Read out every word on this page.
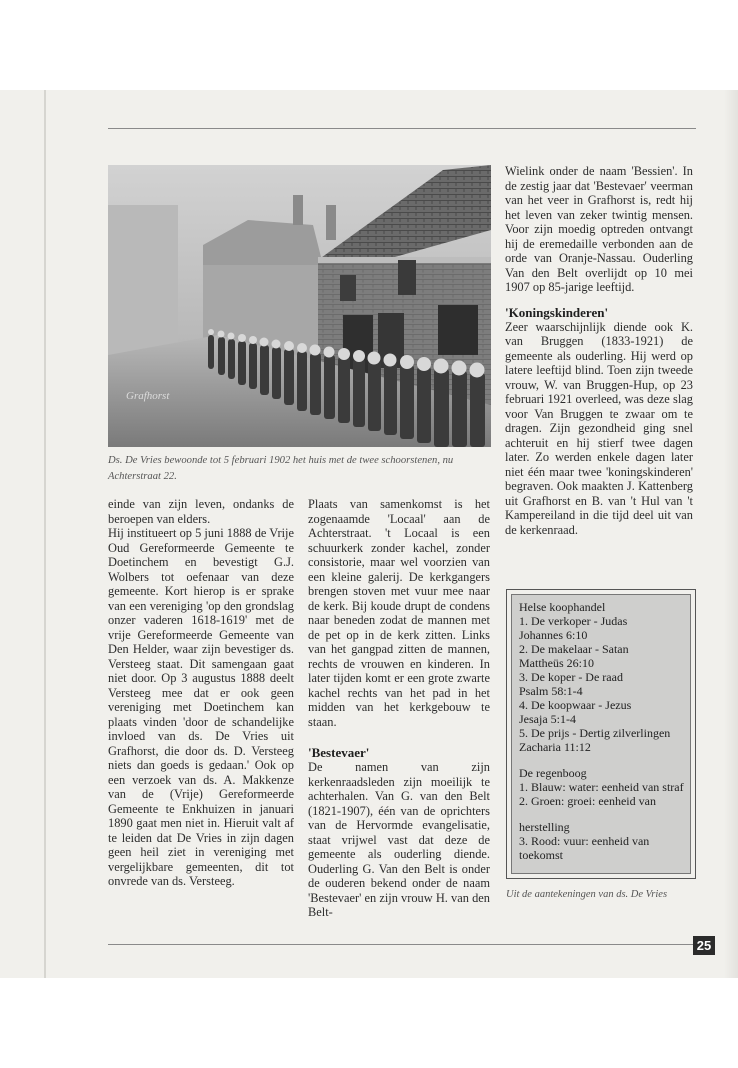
Grafhorst
Ds. De Vries bewoonde tot 5 februari 1902 het huis met de twee schoorstenen, nu Achterstraat 22.

einde van zijn leven, ondanks de beroepen van elders.

Hij institueert op 5 juni 1888 de Vrije Oud Gereformeerde Gemeente te Doetinchem en bevestigt G.J. Wolbers tot oefenaar van deze gemeente. Kort hierop is er sprake van een vereniging 'op den grondslag onzer vaderen 1618-1619' met de vrije Gereformeerde Gemeente van Den Helder, waar zijn bevestiger ds. Versteeg staat. Dit samengaan gaat niet door. Op 3 augustus 1888 deelt Versteeg mee dat er ook geen vereniging met Doetinchem kan plaats vinden 'door de schandelijke invloed van ds. De Vries uit Grafhorst, die door ds. D. Versteeg niets dan goeds is gedaan.' Ook op een verzoek van ds. A. Makkenze van de (Vrije) Gereformeerde Gemeente te Enkhuizen in januari 1890 gaat men niet in. Hieruit valt af te leiden dat De Vries in zijn dagen geen heil ziet in vereniging met vergelijkbare gemeenten, dit tot onvrede van ds. Versteeg.

Plaats van samenkomst is het zogenaamde 'Locaal' aan de Achterstraat. 't Locaal is een schuurkerk zonder kachel, zonder consistorie, maar wel voorzien van een kleine galerij. De kerkgangers brengen stoven met vuur mee naar de kerk. Bij koude drupt de condens naar beneden zodat de mannen met de pet op in de kerk zitten. Links van het gangpad zitten de mannen, rechts de vrouwen en kinderen. In later tijden komt er een grote zwarte kachel rechts van het pad in het midden van het kerkgebouw te staan.

'Bestevaer'

De namen van zijn kerkenraadsleden zijn moeilijk te achterhalen. Van G. van den Belt (1821-1907), één van de oprichters van de Hervormde evangelisatie, staat vrijwel vast dat deze de gemeente als ouderling diende. Ouderling G. Van den Belt is onder de ouderen bekend onder de naam 'Bestevaer' en zijn vrouw H. van den Belt-

Wielink onder de naam 'Bessien'. In de zestig jaar dat 'Bestevaer' veerman van het veer in Grafhorst is, redt hij het leven van zeker twintig mensen. Voor zijn moedig optreden ontvangt hij de eremedaille verbonden aan de orde van Oranje-Nassau. Ouderling Van den Belt overlijdt op 10 mei 1907 op 85-jarige leeftijd.

'Koningskinderen'

Zeer waarschijnlijk diende ook K. van Bruggen (1833-1921) de gemeente als ouderling. Hij werd op latere leeftijd blind. Toen zijn tweede vrouw, W. van Bruggen-Hup, op 23 februari 1921 overleed, was deze slag voor Van Bruggen te zwaar om te dragen. Zijn gezondheid ging snel achteruit en hij stierf twee dagen later. Zo werden enkele dagen later niet één maar twee 'koningskinderen' begraven. Ook maakten J. Kattenberg uit Grafhorst en B. van 't Hul van 't Kampereiland in die tijd deel uit van de kerkenraad.

Helse koophandel
1. De verkoper - Judas
Johannes 6:10
2. De makelaar - Satan
Mattheüs 26:10
3. De koper - De raad
Psalm 58:1-4
4. De koopwaar - Jezus
Jesaja 5:1-4
5. De prijs - Dertig zilverlingen
Zacharia 11:12
De regenboog
1. Blauw: water: eenheid van straf
2. Groen: groei: eenheid van
herstelling
3. Rood: vuur: eenheid van
toekomst
Uit de aantekeningen van ds. De Vries
25
